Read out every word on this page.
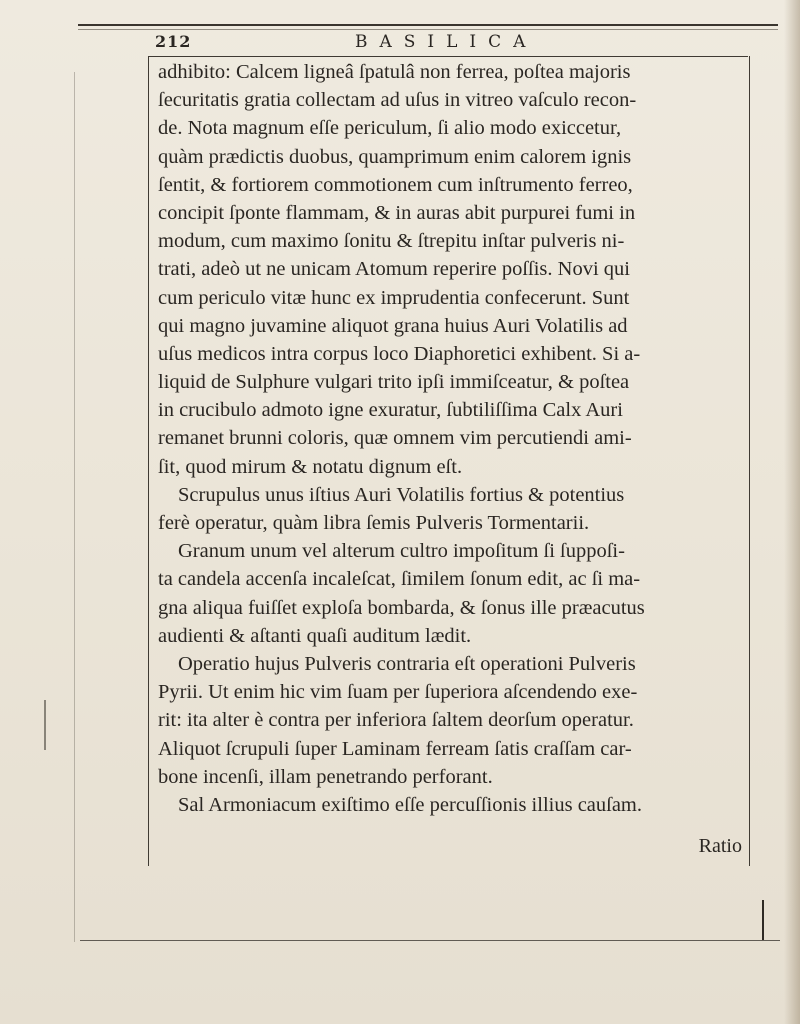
212	BASILICA
adhibito: Calcem ligneâ ſpatulâ non ferrea, poſtea majoris
ſecuritatis gratia collectam ad uſus in vitreo vaſculo recon-
de. Nota magnum eſſe periculum, ſi alio modo exiccetur,
quàm prædictis duobus, quamprimum enim calorem ignis
ſentit, & fortiorem commotionem cum inſtrumento ferreo,
concipit ſponte flammam, & in auras abit purpurei fumi in
modum, cum maximo ſonitu & ſtrepitu inſtar pulveris ni-
trati, adeò ut ne unicam Atomum reperire poſſis. Novi qui
cum periculo vitæ hunc ex imprudentia confecerunt. Sunt
qui magno juvamine aliquot grana huius Auri Volatilis ad
uſus medicos intra corpus loco Diaphoretici exhibent. Si a-
liquid de Sulphure vulgari trito ipſi immiſceatur, & poſtea
in crucibulo admoto igne exuratur, ſubtiliſſima Calx Auri
remanet brunni coloris, quæ omnem vim percutiendi ami-
ſit, quod mirum & notatu dignum eſt.
Scrupulus unus iſtius Auri Volatilis fortius & potentius
ferè operatur, quàm libra ſemis Pulveris Tormentarii.
Granum unum vel alterum cultro impoſitum ſi ſuppoſi-
ta candela accenſa incaleſcat, ſimilem ſonum edit, ac ſi ma-
gna aliqua fuiſſet exploſa bombarda, & ſonus ille præacutus
audienti & aſtanti quaſi auditum lædit.
Operatio hujus Pulveris contraria eſt operationi Pulveris
Pyrii. Ut enim hic vim ſuam per ſuperiora aſcendendo exe-
rit: ita alter è contra per inferiora ſaltem deorſum operatur.
Aliquot ſcrupuli ſuper Laminam ferream ſatis craſſam car-
bone incenſi, illam penetrando perforant.
Sal Armoniacum exiſtimo eſſe percuſſionis illius cauſam.
Ratio
